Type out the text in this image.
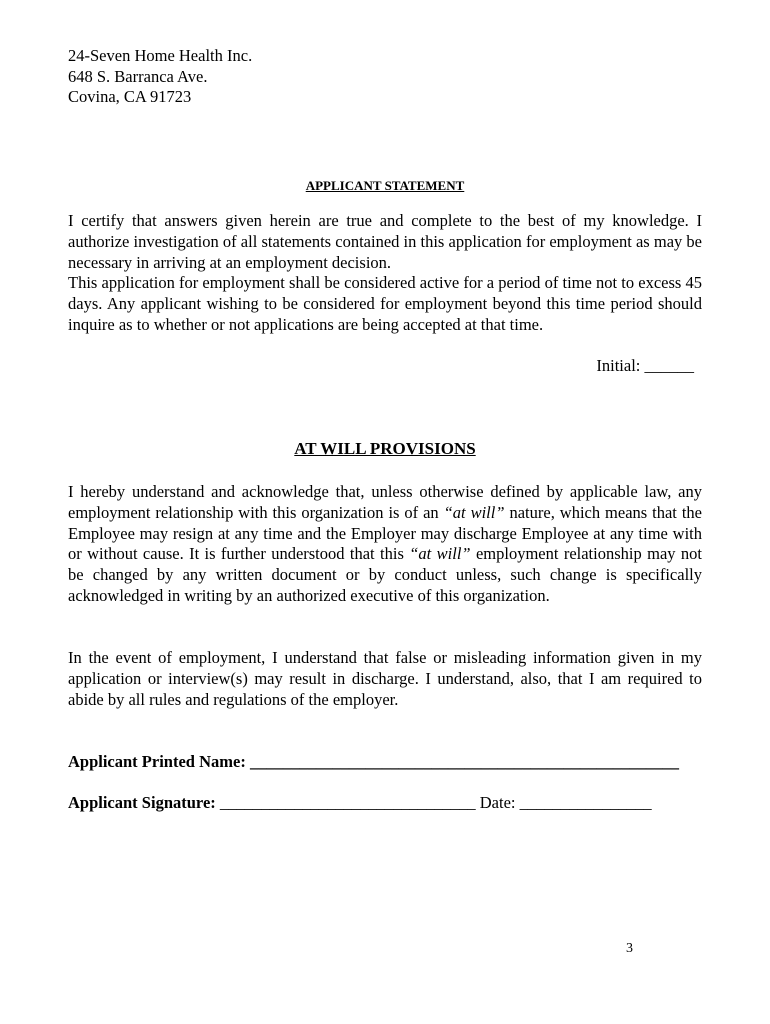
24-Seven Home Health Inc.
648 S. Barranca Ave.
Covina, CA 91723
APPLICANT STATEMENT

I certify that answers given herein are true and complete to the best of my knowledge. I authorize investigation of all statements contained in this application for employment as may be necessary in arriving at an employment decision.

This application for employment shall be considered active for a period of time not to excess 45 days. Any applicant wishing to be considered for employment beyond this time period should inquire as to whether or not applications are being accepted at that time.

Initial: ______
AT WILL PROVISIONS

I hereby understand and acknowledge that, unless otherwise defined by applicable law, any employment relationship with this organization is of an “at will” nature, which means that the Employee may resign at any time and the Employer may discharge Employee at any time with or without cause. It is further understood that this “at will” employment relationship may not be changed by any written document or by conduct unless, such change is specifically acknowledged in writing by an authorized executive of this organization.

In the event of employment, I understand that false or misleading information given in my application or interview(s) may result in discharge. I understand, also, that I am required to abide by all rules and regulations of the employer.

Applicant Printed Name: ____________________________________________________
Applicant Signature: _______________________________ Date: ________________
3
